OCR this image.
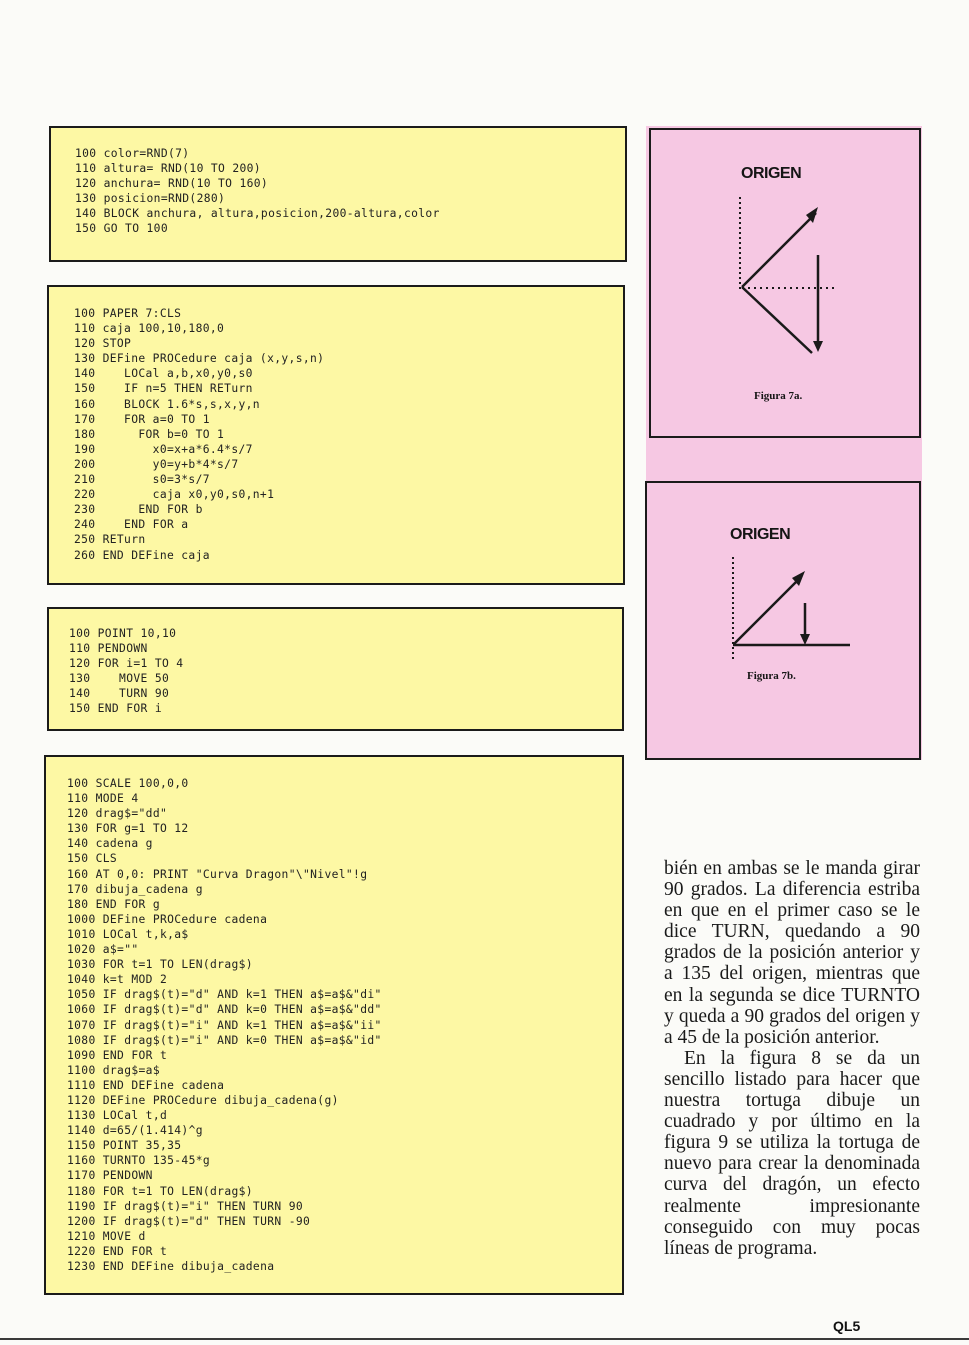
100 color=RND(7)
110 altura= RND(10 TO 200)
120 anchura= RND(10 TO 160)
130 posicion=RND(280)
140 BLOCK anchura, altura,posicion,200-altura,color
150 GO TO 100
100 PAPER 7:CLS
110 caja 100,10,180,0
120 STOP
130 DEFine PROCedure caja (x,y,s,n)
140    LOCal a,b,x0,y0,s0
150    IF n=5 THEN RETurn
160    BLOCK 1.6*s,s,x,y,n
170    FOR a=0 TO 1
180      FOR b=0 TO 1
190        x0=x+a*6.4*s/7
200        y0=y+b*4*s/7
210        s0=3*s/7
220        caja x0,y0,s0,n+1
230      END FOR b
240    END FOR a
250 RETurn
260 END DEFine caja
100 POINT 10,10
110 PENDOWN
120 FOR i=1 TO 4
130    MOVE 50
140    TURN 90
150 END FOR i
100 SCALE 100,0,0
110 MODE 4
120 drag$="dd"
130 FOR g=1 TO 12
140 cadena g
150 CLS
160 AT 0,0: PRINT "Curva Dragon"\"Nivel"!g
170 dibuja_cadena g
180 END FOR g
1000 DEFine PROCedure cadena
1010 LOCal t,k,a$
1020 a$=""
1030 FOR t=1 TO LEN(drag$)
1040 k=t MOD 2
1050 IF drag$(t)="d" AND k=1 THEN a$=a$&"di"
1060 IF drag$(t)="d" AND k=0 THEN a$=a$&"dd"
1070 IF drag$(t)="i" AND k=1 THEN a$=a$&"ii"
1080 IF drag$(t)="i" AND k=0 THEN a$=a$&"id"
1090 END FOR t
1100 drag$=a$
1110 END DEFine cadena
1120 DEFine PROCedure dibuja_cadena(g)
1130 LOCal t,d
1140 d=65/(1.414)^g
1150 POINT 35,35
1160 TURNTO 135-45*g
1170 PENDOWN
1180 FOR t=1 TO LEN(drag$)
1190 IF drag$(t)="i" THEN TURN 90
1200 IF drag$(t)="d" THEN TURN -90
1210 MOVE d
1220 END FOR t
1230 END DEFine dibuja_cadena
ORIGEN
Figura 7a.
ORIGEN
Figura 7b.

bién en ambas se le manda girar 90 grados. La diferencia estriba en que en el primer caso se le dice TURN, quedando a 90 grados de la posición anterior y a 135 del origen, mientras que en la segunda se dice TURNTO y queda a 90 grados del origen y a 45 de la posición anterior.

En la figura 8 se da un sencillo listado para hacer que nuestra tortuga dibuje un cuadrado y por último en la figura 9 se utiliza la tortuga de nuevo para crear la denominada curva del dragón, un efecto realmente impresionante conseguido con muy pocas líneas de programa.

QL5
